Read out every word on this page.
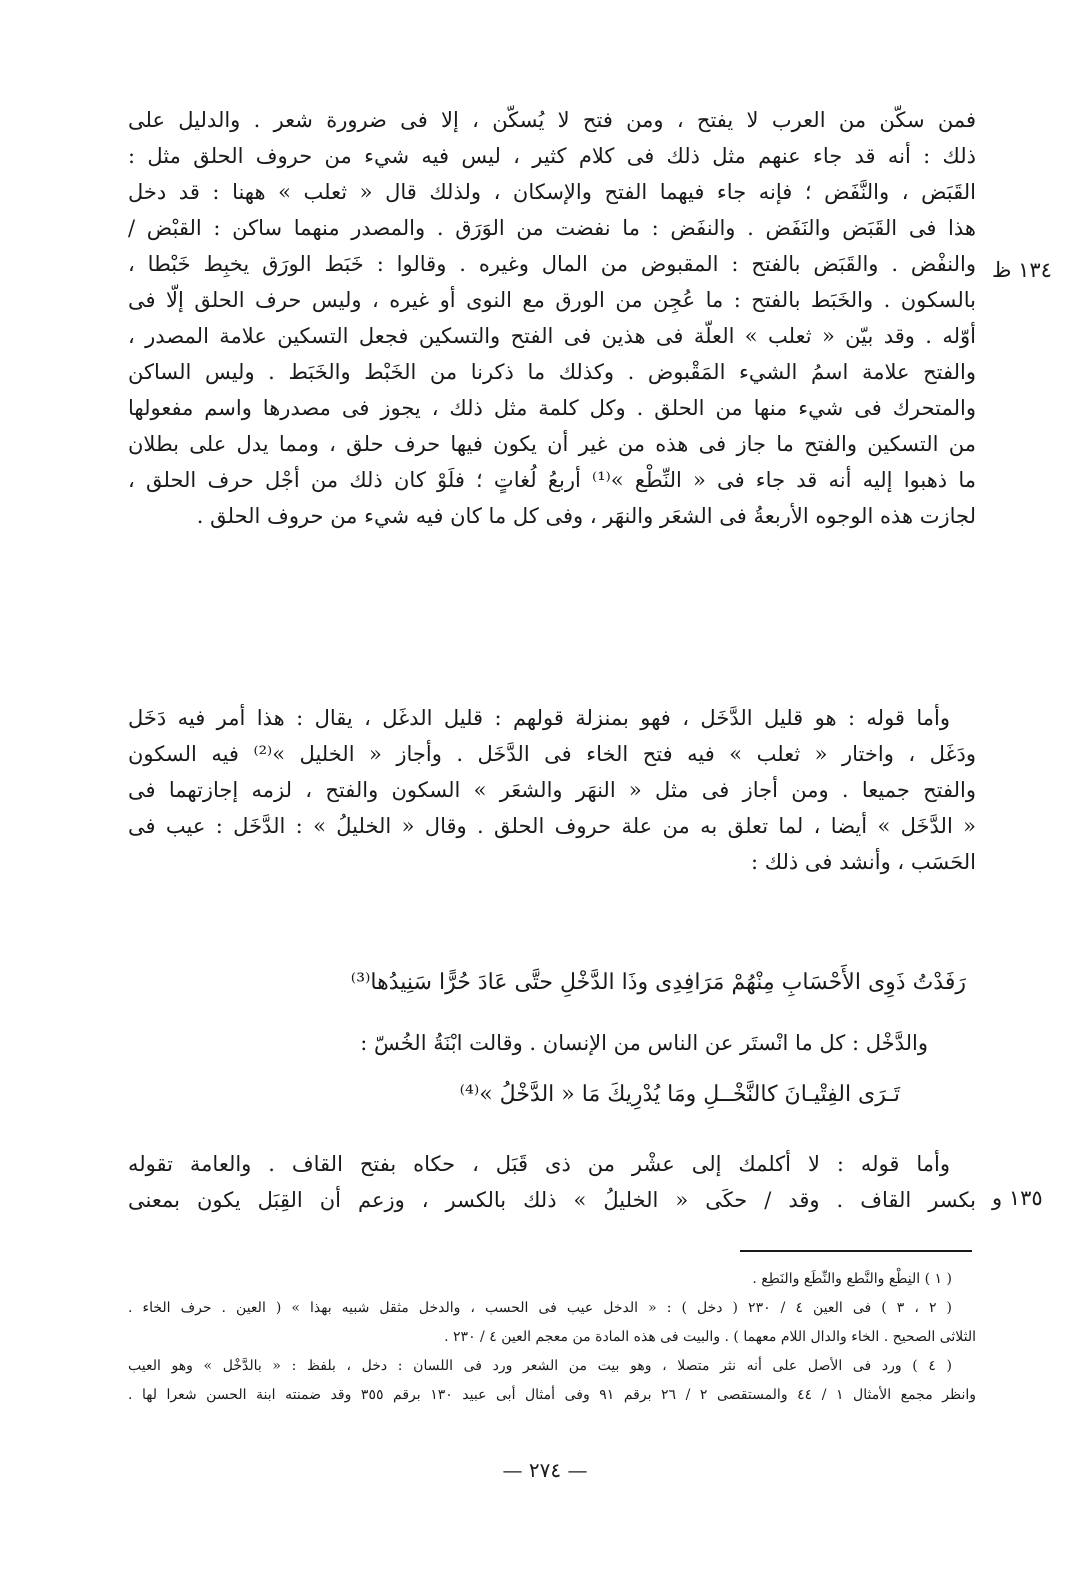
فمن سكّن من العرب لا يفتح ، ومن فتح لا يُسكّن ، إلا فى ضرورة شعر . والدليل على
ذلك : أنه قد جاء عنهم مثل ذلك فى كلام كثير ، ليس فيه شيء من حروف الحلق مثل :
القَبَض ، والنَّفَض ؛ فإنه جاء فيهما الفتح والإسكان ، ولذلك قال « ثعلب » ههنا : قد دخل
هذا فى القَبَض والنَفَض . والنفَض : ما نفضت من الوَرَق . والمصدر منهما ساكن : القبْض /
والنفْض . والقَبَض بالفتح : المقبوض من المال وغيره . وقالوا : خَبَط الورَق يخبِط خَبْطا ،
بالسكون . والخَبَط بالفتح : ما عُجِن من الورق مع النوى أو غيره ، وليس حرف الحلق إلّا فى
أوّله . وقد بيّن « ثعلب » العلّة فى هذين فى الفتح والتسكين فجعل التسكين علامة المصدر ،
والفتح علامة اسمُ الشيء المَقْبوض . وكذلك ما ذكرنا من الخَبْط والخَبَط . وليس الساكن
والمتحرك فى شيء منها من الحلق . وكل كلمة مثل ذلك ، يجوز فى مصدرها واسم مفعولها
من التسكين والفتح ما جاز فى هذه من غير أن يكون فيها حرف حلق ، ومما يدل على بطلان
ما ذهبوا إليه أنه قد جاء فى « النِّطْع »⁽¹⁾ أربعُ لُغاتٍ ؛ فلَوْ كان ذلك من أجْل حرف الحلق ،
لجازت هذه الوجوه الأربعةُ فى الشعَر والنهَر ، وفى كل ما كان فيه شيء من حروف الحلق .
وأما قوله : هو قليل الدَّخَل ، فهو بمنزلة قولهم : قليل الدغَل ، يقال : هذا أمر فيه دَخَل
ودَغَل ، واختار « ثعلب » فيه فتح الخاء فى الدَّخَل . وأجاز « الخليل »⁽²⁾ فيه السكون
والفتح جميعا . ومن أجاز فى مثل « النهَر والشعَر » السكون والفتح ، لزمه إجازتهما فى
« الدَّخَل » أيضا ، لما تعلق به من علة حروف الحلق . وقال « الخليلُ » : الدَّخَل : عيب فى
الحَسَب ، وأنشد فى ذلك :
رَفَدْتُ ذَوِى الأَحْسَابِ مِنْهُمْ مَرَافِدِى وذَا الدَّخْلِ حتَّى عَادَ حُرًّا سَنِيدُها⁽³⁾
والدَّخْل : كل ما انْستَر عن الناس من الإنسان . وقالت ابْنَةُ الخُسّ :
تَـرَى الفِتْيـانَ كالنَّخْــلِ ومَا يُدْرِيكَ مَا « الدَّخْلُ »⁽⁴⁾
وأما قوله : لا أكلمك إلى عشْر من ذى قَبَل ، حكاه بفتح القاف . والعامة تقوله
بكسر القاف . وقد / حكَى « الخليلُ » ذلك بالكسر ، وزعم أن القِبَل يكون بمعنى
١٣٤ ظ
١٣٥ و
( ١ ) النِطْع والنَّطع والنِّطَع والنَطِع .
( ٢ ، ٣ ) فى العين ٤ / ٢٣٠ ( دخل ) : « الدخل عيب فى الحسب ، والدخل مثقل شبيه بهذا » ( العين . حرف الخاء .
الثلاثى الصحيح . الخاء والدال اللام معهما ) . والبيت فى هذه المادة من معجم العين ٤ / ٢٣٠ .
( ٤ ) ورد فى الأصل على أنه نثر متصلا ، وهو بيت من الشعر ورد فى اللسان : دخل ، بلفظ : « بالدَّخْل » وهو العيب
وانظر مجمع الأمثال ١ / ٤٤ والمستقصى ٢ / ٢٦ برقم ٩١ وفى أمثال أبى عبيد ١٣٠ برقم ٣٥٥ وقد ضمنته ابنة الحسن شعرا لها .
— ٢٧٤ —
